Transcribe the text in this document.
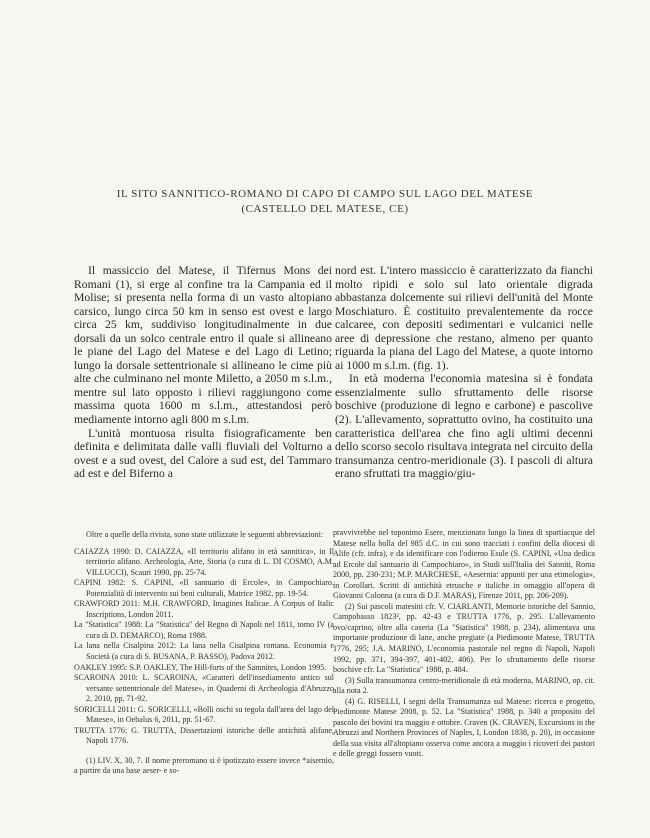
IL SITO SANNITICO-ROMANO DI CAPO DI CAMPO SUL LAGO DEL MATESE
(CASTELLO DEL MATESE, CE)

Il massiccio del Matese, il Tifernus Mons dei Romani (1), si erge al confine tra la Campania ed il Molise; si presenta nella forma di un vasto altopiano carsico, lungo circa 50 km in senso est ovest e largo circa 25 km, suddiviso longitudinalmente in due dorsali da un solco centrale entro il quale si allineano le piane del Lago del Matese e del Lago di Letino; lungo la dorsale settentrionale si allineano le cime più alte che culminano nel monte Miletto, a 2050 m s.l.m., mentre sul lato opposto i rilievi raggiungono come massima quota 1600 m s.l.m., attestandosi però mediamente intorno agli 800 m s.l.m.

L'unità montuosa risulta fisiograficamente ben definita e delimitata dalle valli fluviali del Volturno a ovest e a sud ovest, del Calore a sud est, del Tammaro ad est e del Biferno a

nord est. L'intero massiccio è caratterizzato da fianchi molto ripidi e solo sul lato orientale digrada abbastanza dolcemente sui rilievi dell'unità del Monte Moschiaturo. È costituito prevalentemente da rocce calcaree, con depositi sedimentari e vulcanici nelle aree di depressione che restano, almeno per quanto riguarda la piana del Lago del Matese, a quote intorno ai 1000 m s.l.m. (fig. 1).

In età moderna l'economia matesina si è fondata essenzialmente sullo sfruttamento delle risorse boschive (produzione di legno e carbone) e pascolive (2). L'allevamento, soprattutto ovino, ha costituito una caratteristica dell'area che fino agli ultimi decenni dello scorso secolo risultava integrata nel circuito della transumanza centro-meridionale (3). I pascoli di altura erano sfruttati tra maggio/giu-

Oltre a quelle della rivista, sono state utilizzate le seguenti abbreviazioni:

CAIAZZA 1990: D. CAIAZZA, «Il territorio alifano in età sannitica», in Il territorio alifano. Archeologia, Arte, Storia (a cura di L. DI COSMO, A.M. VILLUCCI), Scauri 1990, pp. 25-74.

CAPINI 1982: S. CAPINI, «Il santuario di Ercole», in Campochiaro. Potenzialità di intervento sui beni culturali, Matrice 1982, pp. 19-54.

CRAWFORD 2011: M.H. CRAWFORD, Imagines Italicae. A Corpus of Italic Inscriptions, London 2011.

La "Statistica" 1988: La "Statistica" del Regno di Napoli nel 1811, tomo IV (a cura di D. DEMARCO), Roma 1988.

La lana nella Cisalpina 2012: La lana nella Cisalpina romana. Economia e Società (a cura di S. BUSANA, P. BASSO), Padova 2012.

OAKLEY 1995: S.P. OAKLEY, The Hill-forts of the Samnites, London 1995.

SCAROINA 2010: L. SCAROINA, «Caratteri dell'insediamento antico sul versante settentrionale del Matese», in Quaderni di Archeologia d'Abruzzo 2, 2010, pp. 71-92.

SORICELLI 2011: G. SORICELLI, «Bolli oschi su tegola dall'area del lago del Matese», in Oebalus 6, 2011, pp. 51-67.

TRUTTA 1776: G. TRUTTA, Dissertazioni istoriche delle antichità alifane, Napoli 1776.

(1) LIV. X, 30, 7. Il nome preromano si è ipotizzato essere invece *aisernio, a partire da una base aeser- e so-

pravvivrebbe nel toponimo Esere, menzionato lungo la linea di spartiacque del Matese nella bolla del 985 d.C. in cui sono tracciati i confini della diocesi di Alife (cfr. infra), e da identificare con l'odierno Esule (S. CAPINI, «Una dedica ad Ercole dal santuario di Campochiaro», in Studi sull'Italia dei Sanniti, Roma 2000, pp. 230-231; M.P. MARCHESE, «Aesernia: appunti per una etimologia», in Corollari. Scritti di antichità etrusche e italiche in omaggio all'opera di Giovanni Colonna (a cura di D.F. MARAS), Firenze 2011, pp. 206-209).

(2) Sui pascoli matesini cfr. V. CIARLANTI, Memorie istoriche del Sannio, Campobasso 1823², pp. 42-43 e TRUTTA 1776, p. 295. L'allevamento ovo/caprino, oltre alla caseria (La "Statistica" 1988, p. 234), alimentava una importante produzione di lane, anche pregiate (a Piedimonte Matese, TRUTTA 1776, 295; J.A. MARINO, L'economia pastorale nel regno di Napoli, Napoli 1992, pp. 371, 394-397, 401-402, 406). Per lo sfruttamento delle risorse boschive cfr. La "Statistica" 1988, p. 484.

(3) Sulla transumanza centro-meridionale di età moderna, MARINO, op. cit. alla nota 2.

(4) G. RISELLI, I segni della Transumanza sul Matese: ricerca e progetto, Piedimonte Matese 2008, p. 52. La "Statistica" 1988, p. 340 a proposito del pascolo dei bovini tra maggio e ottobre. Craven (K. CRAVEN, Excursions in the Abruzzi and Northern Provinces of Naples, I, London 1838, p. 20), in occasione della sua visita all'altopiano osserva come ancora a maggio i ricoveri dei pastori e delle greggi fossero vuoti.
